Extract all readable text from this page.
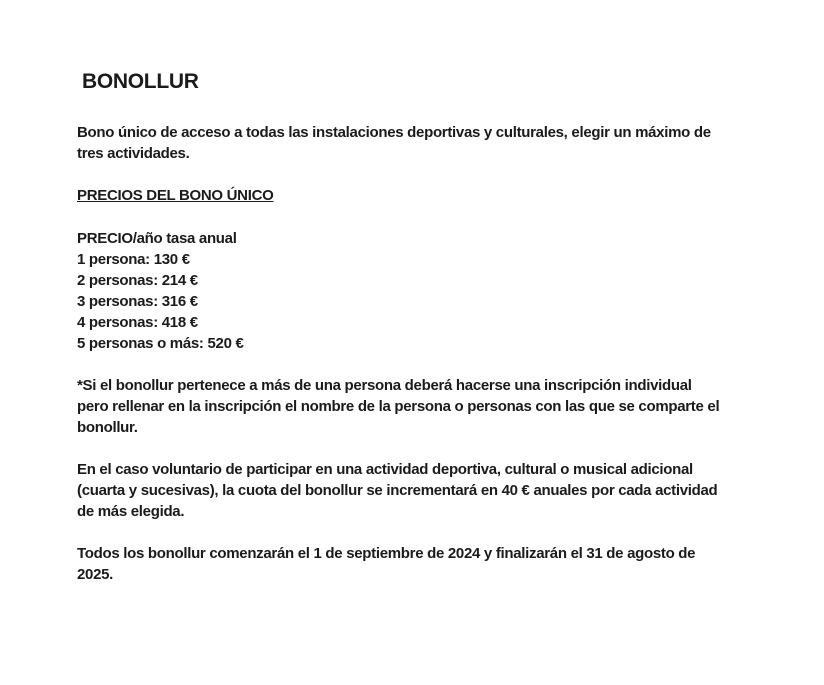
BONOLLUR
Bono único de acceso a todas las instalaciones deportivas y culturales, elegir un máximo de
tres actividades.
PRECIOS DEL BONO ÚNICO
PRECIO/año tasa anual
1 persona: 130 €
2 personas: 214 €
3 personas: 316 €
4 personas: 418 €
5 personas o más: 520 €
*Si el bonollur pertenece a más de una persona deberá hacerse una inscripción individual
pero rellenar en la inscripción el nombre de la persona o personas con las que se comparte el
bonollur.
En el caso voluntario de participar en una actividad deportiva, cultural o musical adicional
(cuarta y sucesivas), la cuota del bonollur se incrementará en 40 € anuales por cada actividad
de más elegida.
Todos los bonollur comenzarán el 1 de septiembre de 2024 y finalizarán el 31 de agosto de
2025.
